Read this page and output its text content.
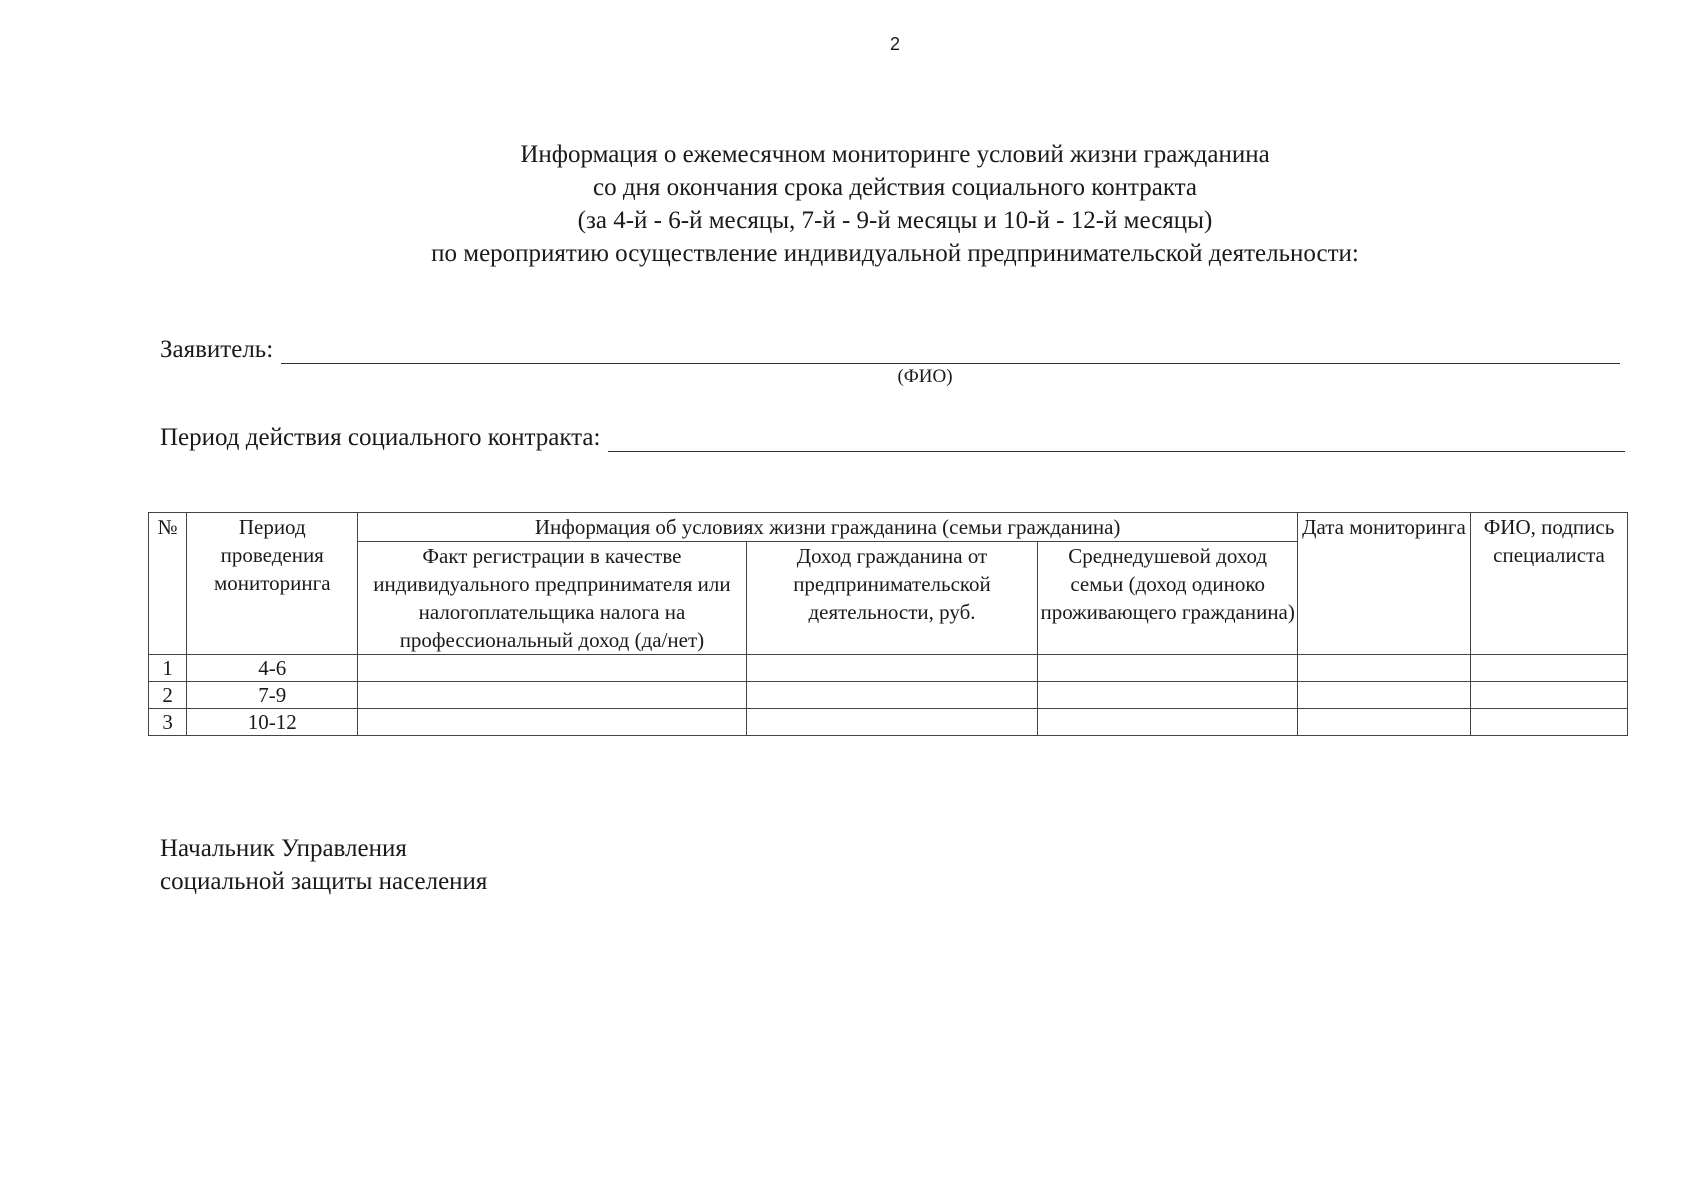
2
Информация о ежемесячном мониторинге условий жизни гражданина
со дня окончания срока действия социального контракта
(за 4-й - 6-й месяцы, 7-й - 9-й месяцы и 10-й - 12-й месяцы)
по мероприятию осуществление индивидуальной предпринимательской деятельности:
Заявитель:
(ФИО)
Период действия социального контракта:
№	Период проведения мониторинга	Информация об условиях жизни гражданина (семьи гражданина)			Дата мониторинга	ФИО, подпись специалиста
		Факт регистрации в качестве индивидуального предпринимателя или налогоплательщика налога на профессиональный доход (да/нет)	Доход гражданина от предпринимательской деятельности, руб.	Среднедушевой доход семьи (доход одиноко проживающего гражданина)		
1	4-6					
2	7-9					
3	10-12					
Начальник Управления
социальной защиты населения
